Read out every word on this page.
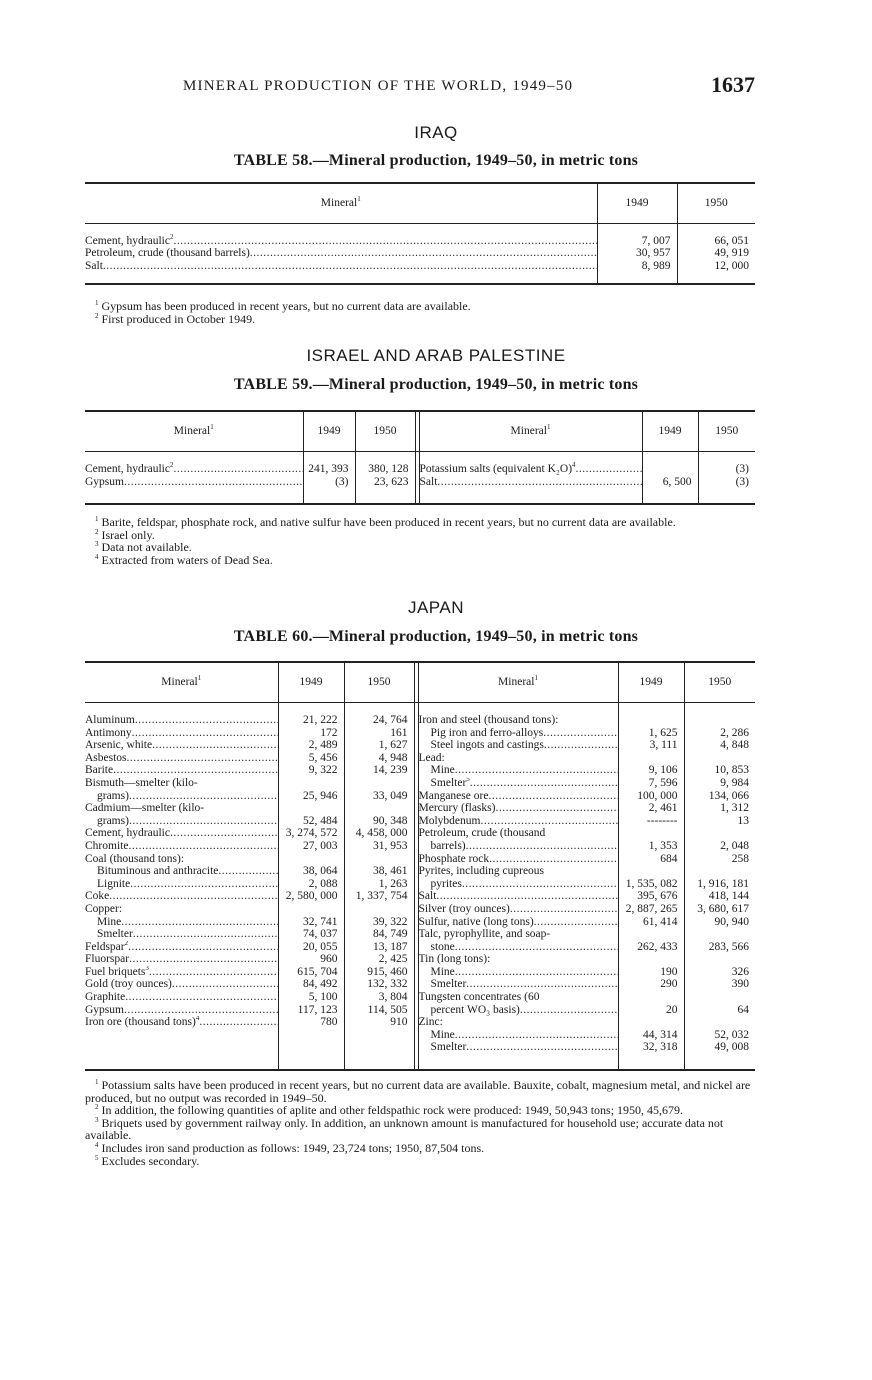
MINERAL PRODUCTION OF THE WORLD, 1949–50	1637
IRAQ
TABLE 58.—Mineral production, 1949–50, in metric tons
Mineral$^1$	1949	1950
Cement, hydraulic$^2$ .....	7, 007	66, 051
Petroleum, crude (thousand barrels) .....	30, 957	49, 919
Salt .....	8, 989	12, 000

$^1$ Gypsum has been produced in recent years, but no current data are available.
$^2$ First produced in October 1949.
ISRAEL AND ARAB PALESTINE
TABLE 59.—Mineral production, 1949–50, in metric tons
Mineral$^1$	1949	1950		Mineral$^1$	1949	1950
Cement, hydraulic$^2$ .....	241, 393	380, 128		Potassium salts (equivalent K₂O)$^4$ .....		(3)
Gypsum .....	(3)	23, 623		Salt .....	6, 500	(3)

$^1$ Barite, feldspar, phosphate rock, and native sulfur have been produced in recent years, but no current data are available.
$^2$ Israel only.
$^3$ Data not available.
$^4$ Extracted from waters of Dead Sea.
JAPAN
TABLE 60.—Mineral production, 1949–50, in metric tons
Mineral$^1$	1949	1950		Mineral$^1$	1949	1950
Aluminum .....	21, 222	24, 764		Iron and steel (thousand tons):		
Antimony .....	172	161		Pig iron and ferro-alloys .....	1, 625	2, 286
Arsenic, white .....	2, 489	1, 627		Steel ingots and castings .....	3, 111	4, 848
Asbestos .....	5, 456	4, 948		Lead:		
Barite .....	9, 322	14, 239		Mine .....	9, 106	10, 853
Bismuth—smelter (kilo-				Smelter$^5$ .....	7, 596	9, 984
grams) .....	25, 946	33, 049		Manganese ore .....	100, 000	134, 066
Cadmium—smelter (kilo-				Mercury (flasks) .....	2, 461	1, 312
grams) .....	52, 484	90, 348		Molybdenum .....	--------	13
Cement, hydraulic .....	3, 274, 572	4, 458, 000		Petroleum, crude (thousand		
Chromite .....	27, 003	31, 953		barrels) .....	1, 353	2, 048
Coal (thousand tons):				Phosphate rock .....	684	258
Bituminous and anthracite .....	38, 064	38, 461		Pyrites, including cupreous		
Lignite .....	2, 088	1, 263		pyrites .....	1, 535, 082	1, 916, 181
Coke .....	2, 580, 000	1, 337, 754		Salt .....	395, 676	418, 144
Copper:				Silver (troy ounces) .....	2, 887, 265	3, 680, 617
Mine .....	32, 741	39, 322		Sulfur, native (long tons) .....	61, 414	90, 940
Smelter .....	74, 037	84, 749		Talc, pyrophyllite, and soap-		
Feldspar$^2$ .....	20, 055	13, 187		stone .....	262, 433	283, 566
Fluorspar .....	960	2, 425		Tin (long tons):		
Fuel briquets$^3$ .....	615, 704	915, 460		Mine .....	190	326
Gold (troy ounces) .....	84, 492	132, 332		Smelter .....	290	390
Graphite .....	5, 100	3, 804		Tungsten concentrates (60		
Gypsum .....	117, 123	114, 505		percent WO₃ basis) .....	20	64
Iron ore (thousand tons)$^4$ .....	780	910		Zinc:		
				Mine .....	44, 314	52, 032
				Smelter .....	32, 318	49, 008

$^1$ Potassium salts have been produced in recent years, but no current data are available. Bauxite, cobalt, magnesium metal, and nickel are produced, but no output was recorded in 1949–50.
$^2$ In addition, the following quantities of aplite and other feldspathic rock were produced: 1949, 50,943 tons; 1950, 45,679.
$^3$ Briquets used by government railway only. In addition, an unknown amount is manufactured for household use; accurate data not available.
$^4$ Includes iron sand production as follows: 1949, 23,724 tons; 1950, 87,504 tons.
$^5$ Excludes secondary.
